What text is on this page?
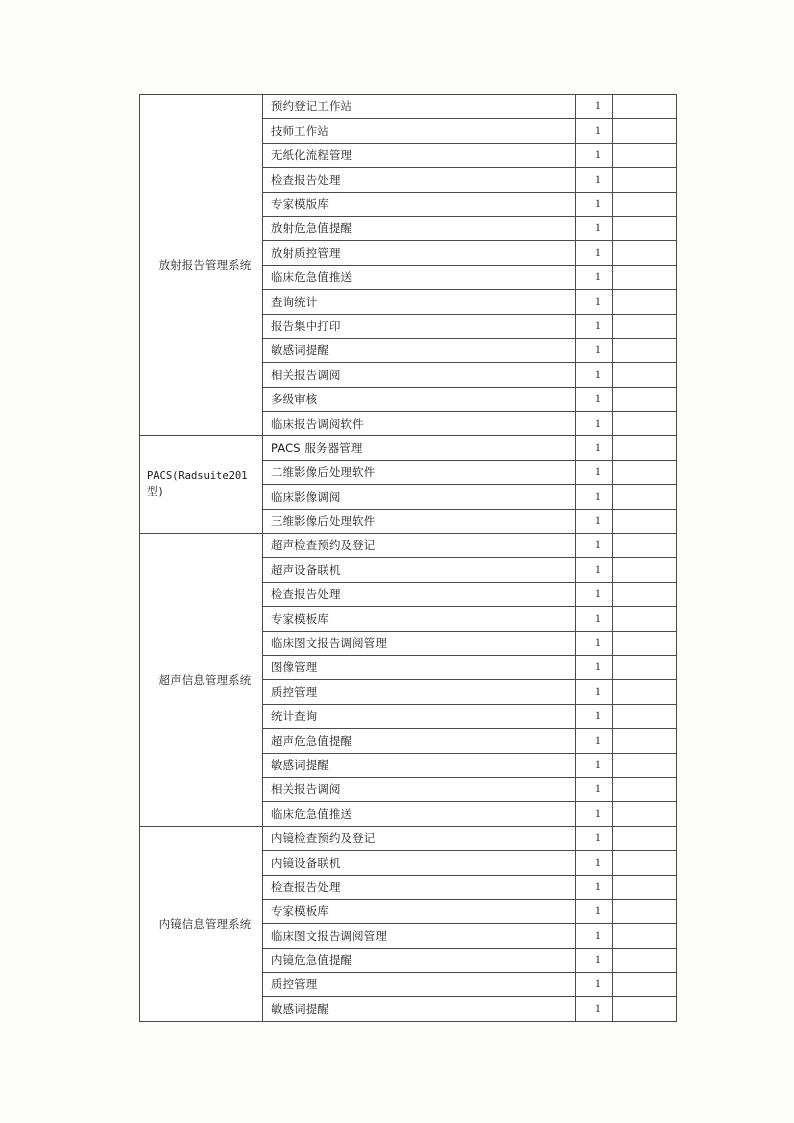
放射报告管理系统	预约登记工作站	1	
	技师工作站	1	
	无纸化流程管理	1	
	检查报告处理	1	
	专家模版库	1	
	放射危急值提醒	1	
	放射质控管理	1	
	临床危急值推送	1	
	查询统计	1	
	报告集中打印	1	
	敏感词提醒	1	
	相关报告调阅	1	
	多级审核	1	
	临床报告调阅软件	1	
PACS(Radsuite201型)	PACS 服务器管理	1	
	二维影像后处理软件	1	
	临床影像调阅	1	
	三维影像后处理软件	1	
超声信息管理系统	超声检查预约及登记	1	
	超声设备联机	1	
	检查报告处理	1	
	专家模板库	1	
	临床图文报告调阅管理	1	
	图像管理	1	
	质控管理	1	
	统计查询	1	
	超声危急值提醒	1	
	敏感词提醒	1	
	相关报告调阅	1	
	临床危急值推送	1	
内镜信息管理系统	内镜检查预约及登记	1	
	内镜设备联机	1	
	检查报告处理	1	
	专家模板库	1	
	临床图文报告调阅管理	1	
	内镜危急值提醒	1	
	质控管理	1	
	敏感词提醒	1	
